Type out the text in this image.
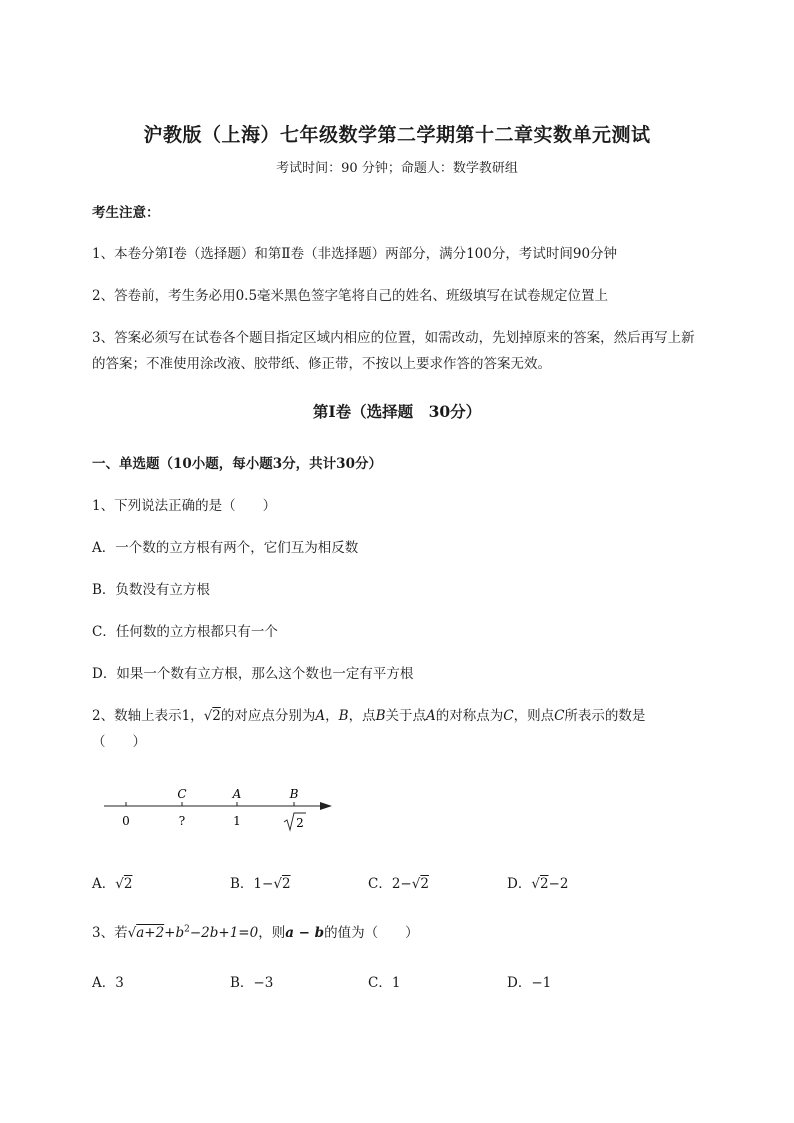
沪教版（上海）七年级数学第二学期第十二章实数单元测试
考试时间：90 分钟；命题人：数学教研组
考生注意：
1、本卷分第Ⅰ卷（选择题）和第Ⅱ卷（非选择题）两部分，满分100分，考试时间90分钟
2、答卷前，考生务必用0.5毫米黑色签字笔将自己的姓名、班级填写在试卷规定位置上
3、答案必须写在试卷各个题目指定区域内相应的位置，如需改动，先划掉原来的答案，然后再写上新
的答案；不准使用涂改液、胶带纸、修正带，不按以上要求作答的答案无效。
第Ⅰ卷（选择题　30分）
一、单选题（10小题，每小题3分，共计30分）
1、下列说法正确的是（　　）
A．一个数的立方根有两个，它们互为相反数
B．负数没有立方根
C．任何数的立方根都只有一个
D．如果一个数有立方根，那么这个数也一定有平方根
2、数轴上表示1，√2的对应点分别为A，B，点B关于点A的对称点为C，则点C所表示的数是
（　　）
C	A	B
0	?	1	2
A．√2	B．1−√2	C．2−√2	D．√2−2
3、若$√a+2+b^2-2b+1=0$，则a − b的值为（　　）
A．3	B．−3	C．1	D．−1
